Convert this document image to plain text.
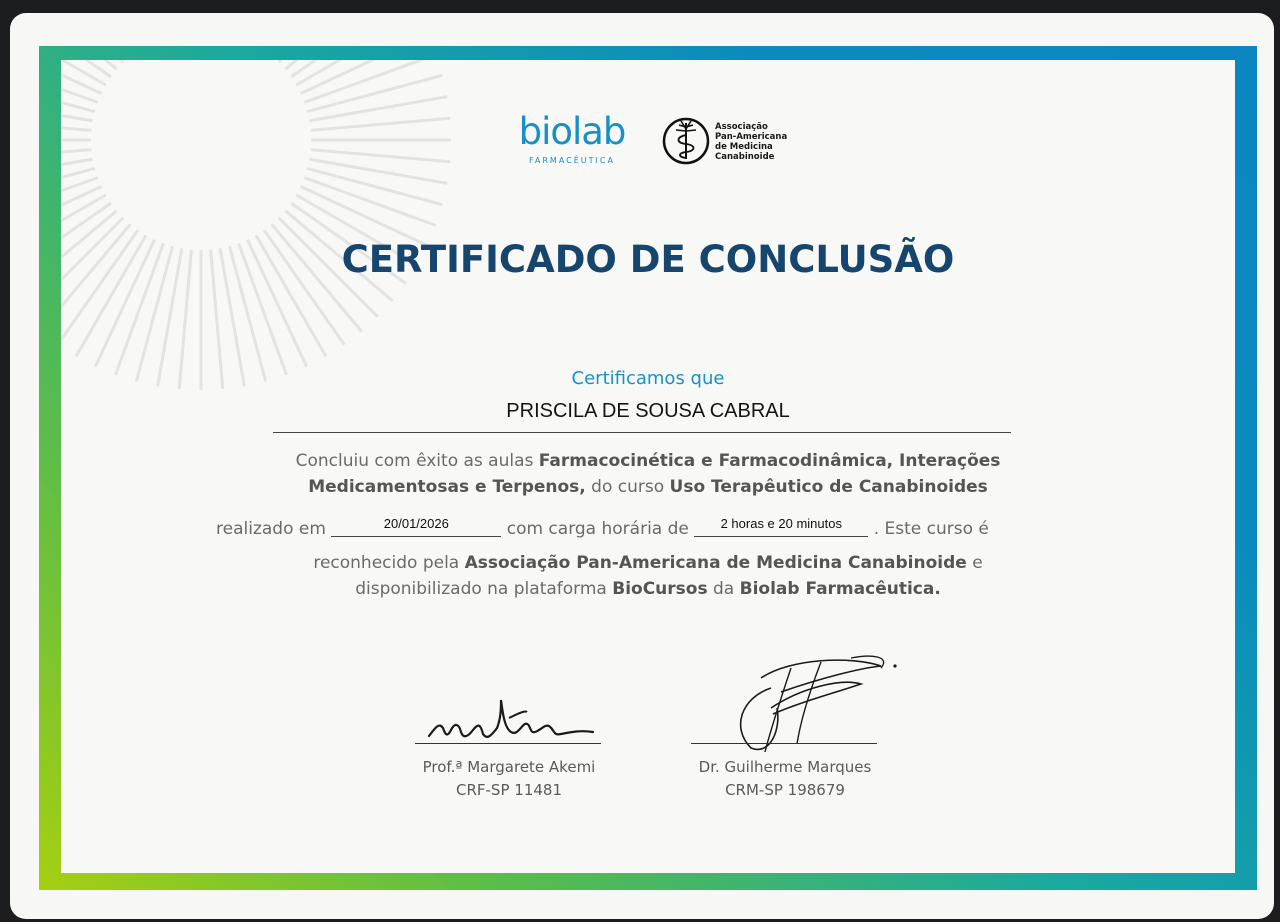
biolab
FARMACÊUTICA
Associação
Pan-Americana
de Medicina
Canabinoide
CERTIFICADO DE CONCLUSÃO
Certificamos que
PRISCILA DE SOUSA CABRAL
Concluiu com êxito as aulas Farmacocinética e Farmacodinâmica, Interações
Medicamentosas e Terpenos, do curso Uso Terapêutico de Canabinoides
realizado em	$^{20/01/2026}$	com carga horária de $^{2 horas e 20 minutos}$ . Este curso é
reconhecido pela Associação Pan-Americana de Medicina Canabinoide e
disponibilizado na plataforma BioCursos da Biolab Farmacêutica.
Prof.ª Margarete Akemi
CRF-SP 11481
Dr. Guilherme Marques
CRM-SP 198679
